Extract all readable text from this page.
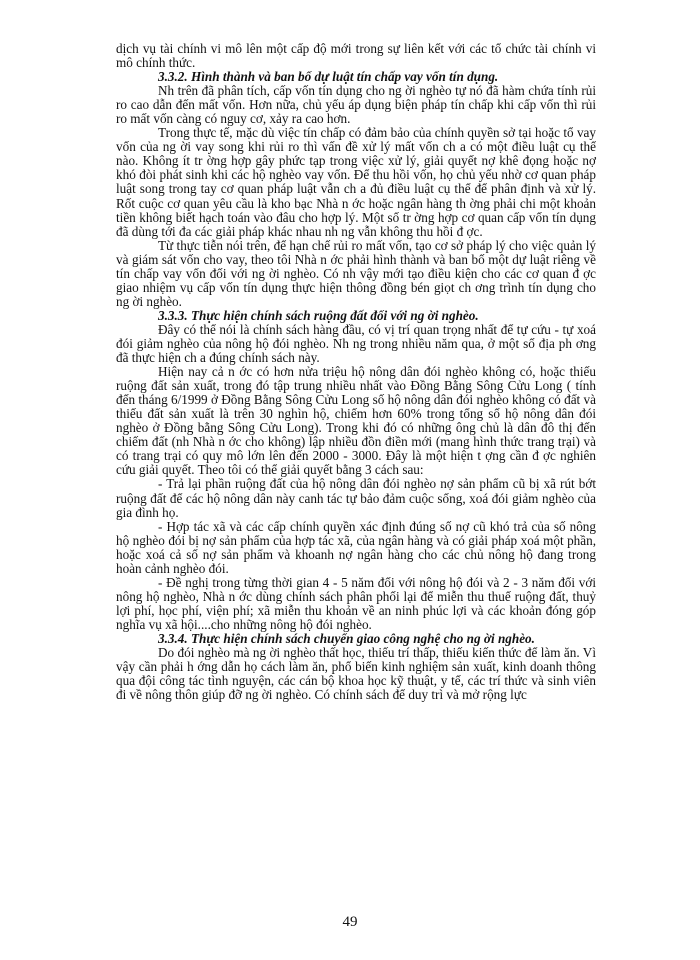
dịch vụ tài chính vi mô lên một cấp độ mới trong sự liên kết với các tổ chức tài chính vi mô chính thức.

3.3.2. Hình thành và ban bố dự luật tín chấp vay vốn tín dụng.

Nh trên đã phân tích, cấp vốn tín dụng cho ng ời nghèo tự nó đã hàm chứa tính rủi ro cao dẫn đến mất vốn. Hơn nữa, chủ yếu áp dụng biện pháp tín chấp khi cấp vốn thì rủi ro mất vốn càng có nguy cơ, xảy ra cao hơn.

Trong thực tế, mặc dù việc tín chấp có đảm bảo của chính quyền sở tại hoặc tổ vay vốn của ng ời vay song khi rủi ro thì vấn đề xử lý mất vốn ch a có một điều luật cụ thể nào. Không ít tr ờng hợp gây phức tạp trong việc xử lý, giải quyết nợ khê đọng hoặc nợ khó đòi phát sinh khi các hộ nghèo vay vốn. Để thu hồi vốn, họ chủ yếu nhờ cơ quan pháp luật song trong tay cơ quan pháp luật vẫn ch a đủ điều luật cụ thể để phân định và xử lý. Rốt cuộc cơ quan yêu cầu là kho bạc Nhà n ớc hoặc ngân hàng th ờng phải chi một khoản tiền không biết hạch toán vào đâu cho hợp lý. Một số tr ờng hợp cơ quan cấp vốn tín dụng đã dùng tới đa các giải pháp khác nhau nh ng vẫn không thu hồi đ ợc.

Từ thực tiễn nói trên, để hạn chế rủi ro mất vốn, tạo cơ sở pháp lý cho việc quản lý và giám sát vốn cho vay, theo tôi Nhà n ớc phải hình thành và ban bố một dự luật riêng về tín chấp vay vốn đối với ng ời nghèo. Có nh vậy mới tạo điều kiện cho các cơ quan đ ợc giao nhiệm vụ cấp vốn tín dụng thực hiện thông đồng bén giọt ch ơng trình tín dụng cho ng ời nghèo.

3.3.3. Thực hiện chính sách ruộng đất đối với ng ời nghèo.

Đây có thể nói là chính sách hàng đầu, có vị trí quan trọng nhất để tự cứu - tự xoá đói giảm nghèo của nông hộ đói nghèo. Nh ng trong nhiều năm qua, ở một số địa ph ơng đã thực hiện ch a đúng chính sách này.

Hiện nay cả n ớc có hơn nửa triệu hộ nông dân đói nghèo không có, hoặc thiếu ruộng đất sản xuất, trong đó tập trung nhiều nhất vào Đồng Bằng Sông Cửu Long ( tính đến tháng 6/1999 ở Đồng Bằng Sông Cửu Long số hộ nông dân đói nghèo không có đất và thiếu đất sản xuất là trên 30 nghìn hộ, chiếm hơn 60% trong tổng số hộ nông dân đói nghèo ở Đồng bằng Sông Cửu Long). Trong khi đó có những ông chủ là dân đô thị đến chiếm đất (nh Nhà n ớc cho không) lập nhiều đồn điền mới (mang hình thức trang trại) và có trang trại có quy mô lớn lên đến 2000 - 3000. Đây là một hiện t ợng cần đ ợc nghiên cứu giải quyết. Theo tôi có thể giải quyết bằng 3 cách sau:

- Trả lại phần ruộng đất của hộ nông dân đói nghèo nợ sản phẩm cũ bị xã rút bớt ruộng đất để các hộ nông dân này canh tác tự bảo đảm cuộc sống, xoá đói giảm nghèo của gia đình họ.

- Hợp tác xã và các cấp chính quyền xác định đúng số nợ cũ khó trả của số nông hộ nghèo đói bị nợ sản phẩm của hợp tác xã, của ngân hàng và có giải pháp xoá một phần, hoặc xoá cả số nợ sản phẩm và khoanh nợ ngân hàng cho các chủ nông hộ đang trong hoàn cảnh nghèo đói.

- Đề nghị trong từng thời gian 4 - 5 năm đối với nông hộ đói và 2 - 3 năm đối với nông hộ nghèo, Nhà n ớc dùng chính sách phân phối lại để miễn thu thuế ruộng đất, thuỷ lợi phí, học phí, viện phí; xã miễn thu khoản về an ninh phúc lợi và các khoản đóng góp nghĩa vụ xã hội....cho những nông hộ đói nghèo.

3.3.4. Thực hiện chính sách chuyển giao công nghệ cho ng ời nghèo.

Do đói nghèo mà ng ời nghèo thất học, thiếu trí thấp, thiếu kiến thức để làm ăn. Vì vậy cần phải h ớng dẫn họ cách làm ăn, phổ biến kinh nghiệm sản xuất, kinh doanh thông qua đội công tác tình nguyện, các cán bộ khoa học kỹ thuật, y tế, các trí thức và sinh viên đi về nông thôn giúp đỡ ng ời nghèo. Có chính sách để duy trì và mở rộng lực

49
